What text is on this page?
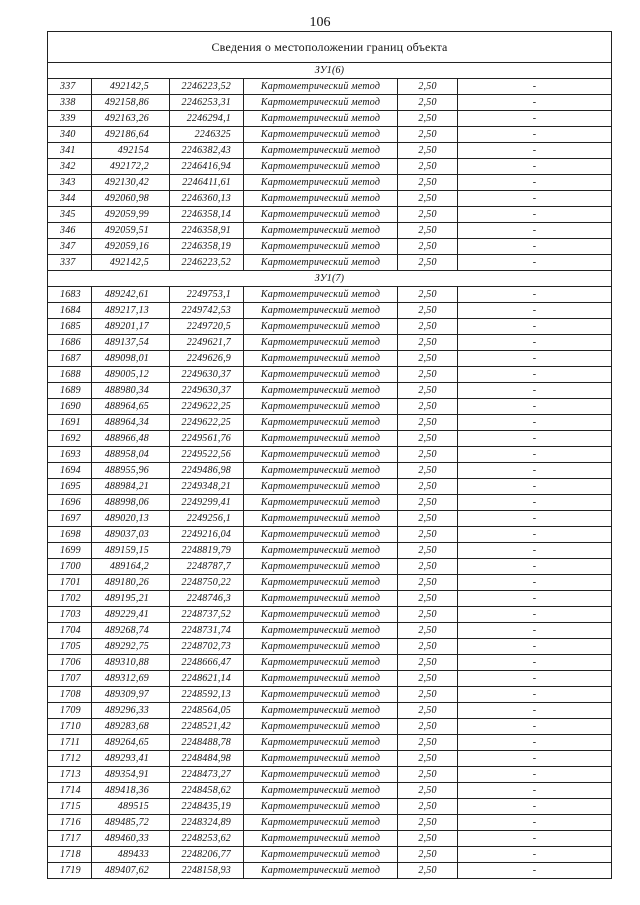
106
Сведения о местоположении границ объекта					
ЗУ1(6)					
337	492142,5	2246223,52	Картометрический метод	2,50	-
338	492158,86	2246253,31	Картометрический метод	2,50	-
339	492163,26	2246294,1	Картометрический метод	2,50	-
340	492186,64	2246325	Картометрический метод	2,50	-
341	492154	2246382,43	Картометрический метод	2,50	-
342	492172,2	2246416,94	Картометрический метод	2,50	-
343	492130,42	2246411,61	Картометрический метод	2,50	-
344	492060,98	2246360,13	Картометрический метод	2,50	-
345	492059,99	2246358,14	Картометрический метод	2,50	-
346	492059,51	2246358,91	Картометрический метод	2,50	-
347	492059,16	2246358,19	Картометрический метод	2,50	-
337	492142,5	2246223,52	Картометрический метод	2,50	-
ЗУ1(7)					
1683	489242,61	2249753,1	Картометрический метод	2,50	-
1684	489217,13	2249742,53	Картометрический метод	2,50	-
1685	489201,17	2249720,5	Картометрический метод	2,50	-
1686	489137,54	2249621,7	Картометрический метод	2,50	-
1687	489098,01	2249626,9	Картометрический метод	2,50	-
1688	489005,12	2249630,37	Картометрический метод	2,50	-
1689	488980,34	2249630,37	Картометрический метод	2,50	-
1690	488964,65	2249622,25	Картометрический метод	2,50	-
1691	488964,34	2249622,25	Картометрический метод	2,50	-
1692	488966,48	2249561,76	Картометрический метод	2,50	-
1693	488958,04	2249522,56	Картометрический метод	2,50	-
1694	488955,96	2249486,98	Картометрический метод	2,50	-
1695	488984,21	2249348,21	Картометрический метод	2,50	-
1696	488998,06	2249299,41	Картометрический метод	2,50	-
1697	489020,13	2249256,1	Картометрический метод	2,50	-
1698	489037,03	2249216,04	Картометрический метод	2,50	-
1699	489159,15	2248819,79	Картометрический метод	2,50	-
1700	489164,2	2248787,7	Картометрический метод	2,50	-
1701	489180,26	2248750,22	Картометрический метод	2,50	-
1702	489195,21	2248746,3	Картометрический метод	2,50	-
1703	489229,41	2248737,52	Картометрический метод	2,50	-
1704	489268,74	2248731,74	Картометрический метод	2,50	-
1705	489292,75	2248702,73	Картометрический метод	2,50	-
1706	489310,88	2248666,47	Картометрический метод	2,50	-
1707	489312,69	2248621,14	Картометрический метод	2,50	-
1708	489309,97	2248592,13	Картометрический метод	2,50	-
1709	489296,33	2248564,05	Картометрический метод	2,50	-
1710	489283,68	2248521,42	Картометрический метод	2,50	-
1711	489264,65	2248488,78	Картометрический метод	2,50	-
1712	489293,41	2248484,98	Картометрический метод	2,50	-
1713	489354,91	2248473,27	Картометрический метод	2,50	-
1714	489418,36	2248458,62	Картометрический метод	2,50	-
1715	489515	2248435,19	Картометрический метод	2,50	-
1716	489485,72	2248324,89	Картометрический метод	2,50	-
1717	489460,33	2248253,62	Картометрический метод	2,50	-
1718	489433	2248206,77	Картометрический метод	2,50	-
1719	489407,62	2248158,93	Картометрический метод	2,50	-
